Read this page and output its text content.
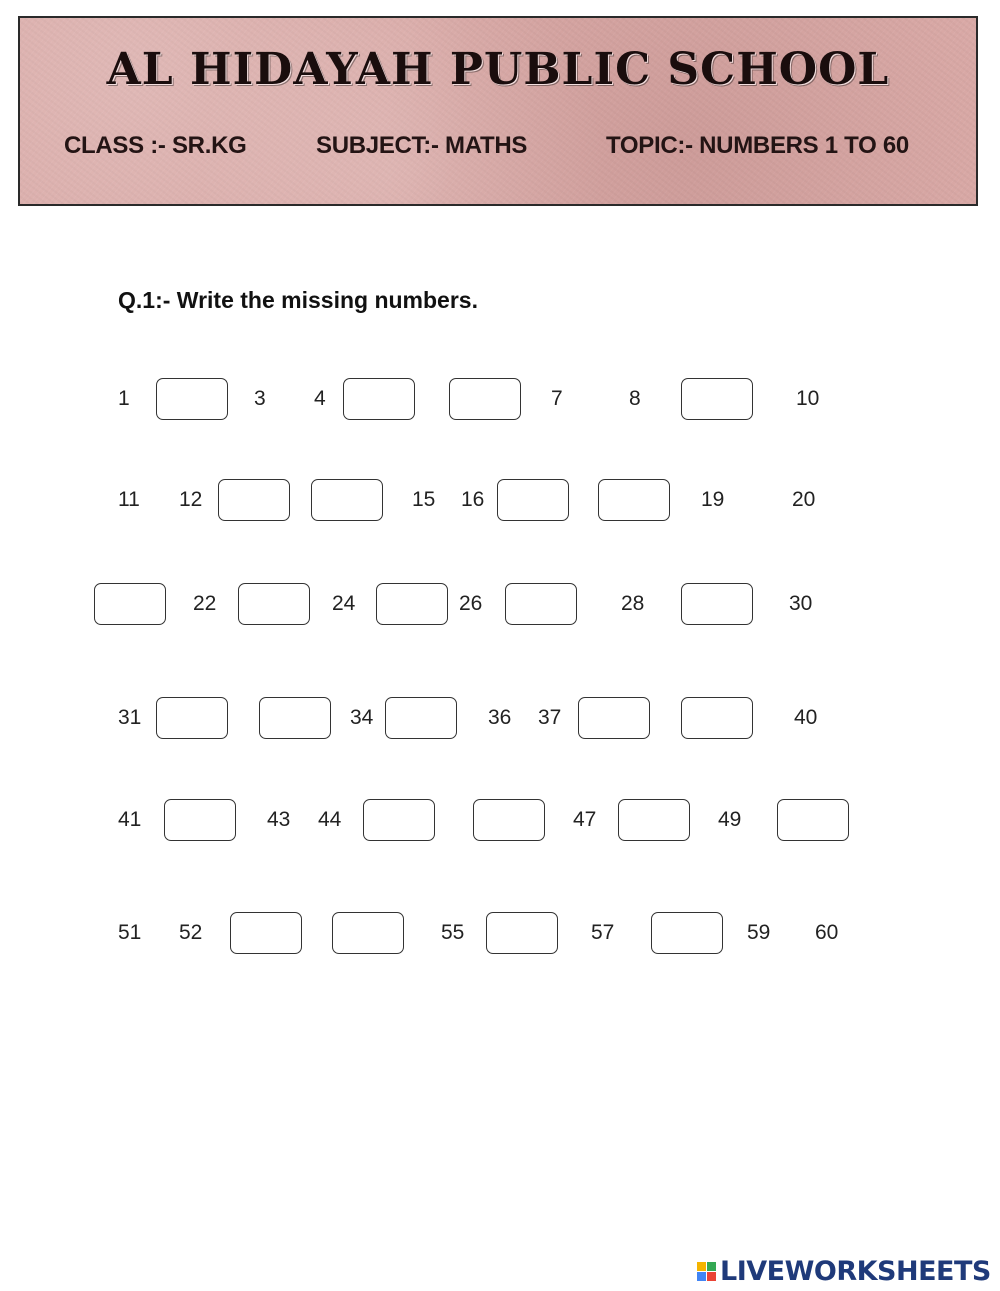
AL HIDAYAH PUBLIC SCHOOL
CLASS :- SR.KG	SUBJECT:- MATHS	TOPIC:- NUMBERS 1 TO 60
Q.1:- Write the missing numbers.
1	3 4	7	8	10
11 12	15 16	19	20
22	24	26	28	30
31	34	36 37	40
41	43 44	47	49
51 52	55	57	59 60
LIVEWORKSHEETS
